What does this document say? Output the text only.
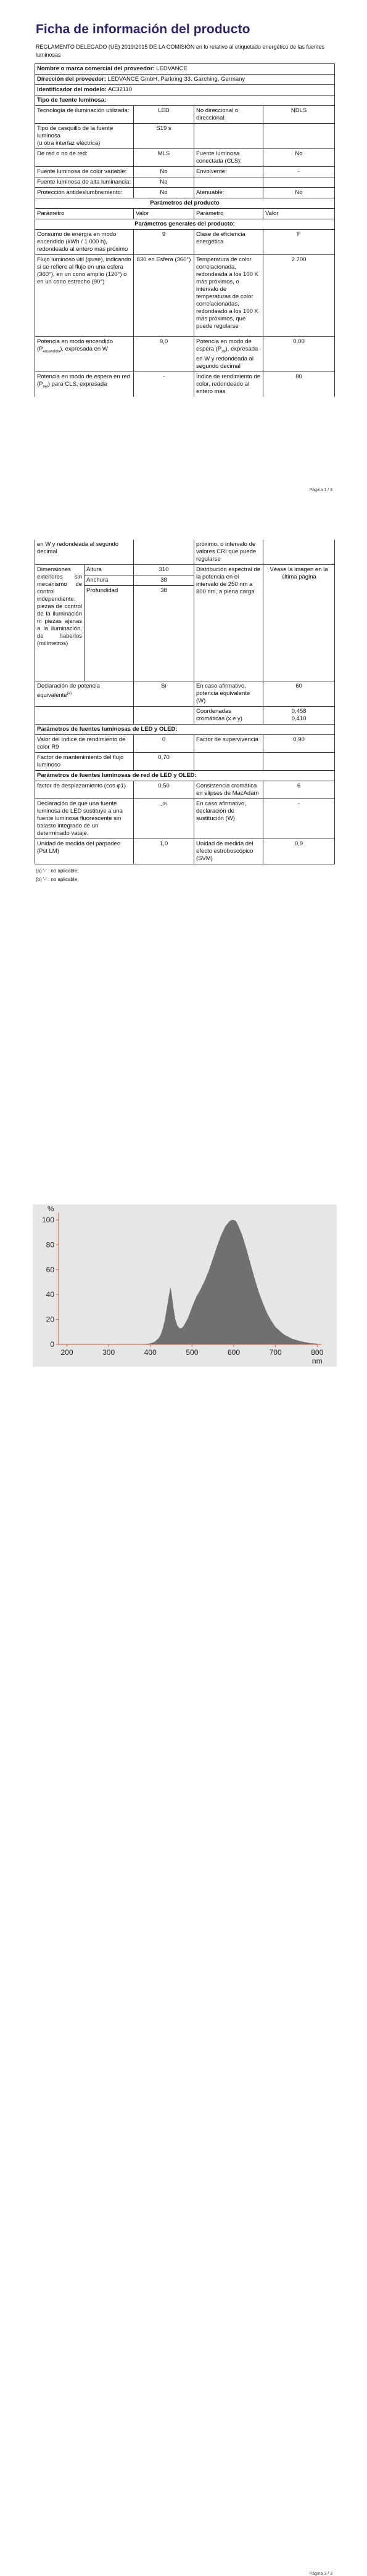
Ficha de información del producto
REGLAMENTO DELEGADO (UE) 2019/2015 DE LA COMISIÓN en lo relativo al etiquetado energético de las fuentes luminosas
Nombre o marca comercial del proveedor: LEDVANCE			
Dirección del proveedor: LEDVANCE GmbH, Parkring 33, Garching, Germany			
Identificador del modelo: AC32110			
Tipo de fuente luminosa:			
Tecnología de iluminación utilizada:	LED	No direccional o direccional:	NDLS
Tipo de casquillo de la fuente luminosa
(u otra interfaz eléctrica)	S19 s		
De red o no de red:	MLS	Fuente luminosa conectada (CLS):	No
Fuente luminosa de color variable:	No	Envolvente:	-
Fuente luminosa de alta luminancia:	No		
Protección antideslumbramiento:	No	Atenuable:	No
Parámetros del producto			
Parámetro	Valor	Parámetro	Valor
Parámetros generales del producto:			
Consumo de energía en modo encendido (kWh / 1 000 h), redondeado al entero más próximo	9	Clase de eficiencia energética	F
Flujo luminoso útil (φuse), indicando si se refiere al flujo en una esfera (360°), en un cono amplio (120°) o en un cono estrecho (90°)	830 en Esfera (360°)	Temperatura de color correlacionada, redondeada a los 100 K más próximos, o intervalo de temperaturas de color correlacionadas, redondeado a los 100 K más próximos, que puede regularse	2 700
Potencia en modo encendido $(P_{encendido})$, expresada en W	9,0	Potencia en modo de espera $(P_{sb})$, expresada en W y redondeada al segundo decimal	0,00
Potencia en modo de espera en red $(P_{net})$ para CLS, expresada	-	Índice de rendimiento de color, redondeado al entero más	80
Página 1 / 3
en W y redondeada al segundo decimal			próximo, o intervalo de valores CRI que puede regularse	
Dimensiones exteriores sin mecanismo de control independiente, piezas de control de la iluminación ni piezas ajenas a la iluminación, de haberlos (milímetros)	Altura	310	Distribución espectral de la potencia en el intervalo de 250 nm a 800 nm, a plena carga	Véase la imagen en la última página
	Anchura	38		
	Profundidad	38		
Declaración de potencia equivalente$^{(a)}$		Sí	En caso afirmativo, potencia equivalente (W)	60
			Coordenadas cromáticas (x e y)	0,458
0,410
Parámetros de fuentes luminosas de LED y OLED:				
Valor del índice de rendimiento de color R9		0	Factor de supervivencia	0,90
Factor de mantenimiento del flujo luminoso		0,70		
Parámetros de fuentes luminosas de red de LED y OLED:				
factor de desplazamiento (cos φ1)		0,50	Consistencia cromática en elipses de MacAdam	6
Declaración de que una fuente luminosa de LED sustituye a una fuente luminosa fluorescente sin balasto integrado de un determinado vataje.		-$^{(b)}$	En caso afirmativo, declaración de sustitución (W)	-
Unidad de medida del parpadeo (Pst LM)		1,0	Unidad de medida del efecto estroboscópico (SVM)	0,9
(a) '-' : no aplicable;
(b) '-' : no aplicable;
Página 3 / 3
0
20
40
60
80
100
200	300	400	500	600	700	800
%
nm
